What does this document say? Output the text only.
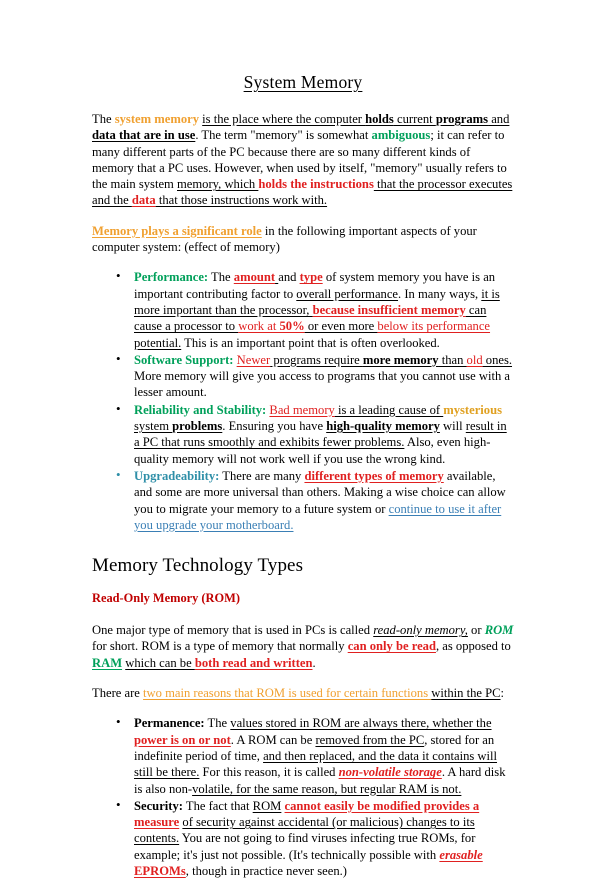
System Memory

The system memory is the place where the computer holds current programs and data that are in use. The term "memory" is somewhat ambiguous; it can refer to many different parts of the PC because there are so many different kinds of memory that a PC uses. However, when used by itself, "memory" usually refers to the main system memory, which holds the instructions that the processor executes and the data that those instructions work with.

Memory plays a significant role in the following important aspects of your computer system: (effect of memory)

• Performance: The amount and type of system memory you have is an important contributing factor to overall performance. In many ways, it is more important than the processor, because insufficient memory can cause a processor to work at 50% or even more below its performance potential. This is an important point that is often overlooked.
• Software Support: Newer programs require more memory than old ones. More memory will give you access to programs that you cannot use with a lesser amount.
• Reliability and Stability: Bad memory is a leading cause of mysterious system problems. Ensuring you have high-quality memory will result in a PC that runs smoothly and exhibits fewer problems. Also, even high-quality memory will not work well if you use the wrong kind.
• Upgradeability: There are many different types of memory available, and some are more universal than others. Making a wise choice can allow you to migrate your memory to a future system or continue to use it after you upgrade your motherboard.
Memory Technology Types
Read-Only Memory (ROM)

One major type of memory that is used in PCs is called read-only memory, or ROM for short. ROM is a type of memory that normally can only be read, as opposed to RAM which can be both read and written.

There are two main reasons that ROM is used for certain functions within the PC:

• Permanence: The values stored in ROM are always there, whether the power is on or not. A ROM can be removed from the PC, stored for an indefinite period of time, and then replaced, and the data it contains will still be there. For this reason, it is called non-volatile storage. A hard disk is also non-volatile, for the same reason, but regular RAM is not.
• Security: The fact that ROM cannot easily be modified provides a measure of security against accidental (or malicious) changes to its contents. You are not going to find viruses infecting true ROMs, for example; it's just not possible. (It's technically possible with erasable EPROMs, though in practice never seen.)
